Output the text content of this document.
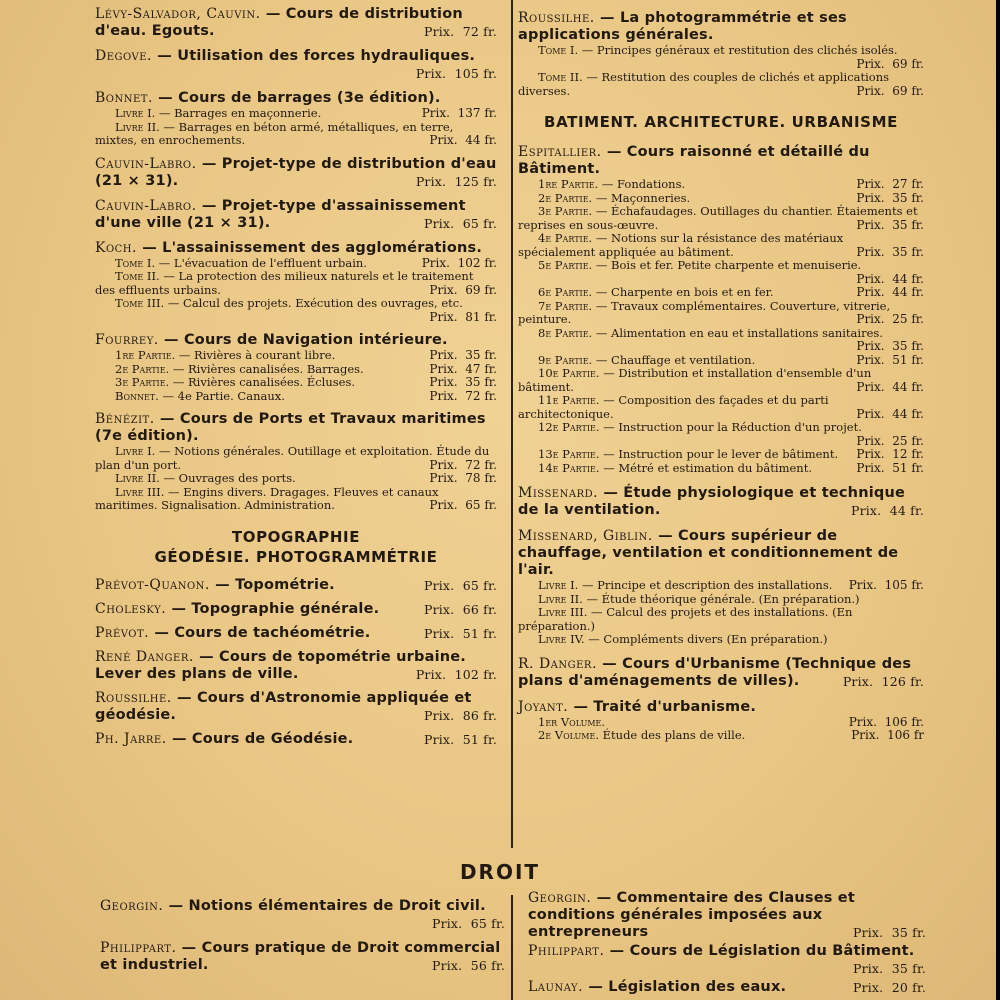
Lévy-Salvador, Cauvin. — Cours de distribution d'eau. Egouts.	Prix.  72 fr.
Degove. — Utilisation des forces hydrauliques.
Prix.  105 fr.
Bonnet. — Cours de barrages (3e édition).
Livre I. — Barrages en maçonnerie.	Prix.  137 fr.
Livre II. — Barrages en béton armé, métalliques, en terre, mixtes, en enrochements.	Prix.  44 fr.
Cauvin-Labro. — Projet-type de distribution d'eau (21 × 31).	Prix.  125 fr.
Cauvin-Labro. — Projet-type d'assainissement d'une ville (21 × 31).	Prix.  65 fr.
Koch. — L'assainissement des agglomérations.
Tome I. — L'évacuation de l'effluent urbain.	Prix.  102 fr.
Tome II. — La protection des milieux naturels et le traitement des effluents urbains.	Prix.  69 fr.
Tome III. — Calcul des projets. Exécution des ouvrages, etc.
Prix.  81 fr.
Fourrey. — Cours de Navigation intérieure.
1re Partie. — Rivières à courant libre.	Prix.  35 fr.
2e Partie. — Rivières canalisées. Barrages.	Prix.  47 fr.
3e Partie. — Rivières canalisées. Écluses.	Prix.  35 fr.
Bonnet. — 4e Partie. Canaux.	Prix.  72 fr.
Bénézit. — Cours de Ports et Travaux maritimes (7e édition).
Livre I. — Notions générales. Outillage et exploitation. Étude du plan d'un port.	Prix.  72 fr.
Livre II. — Ouvrages des ports.	Prix.  78 fr.
Livre III. — Engins divers. Dragages. Fleuves et canaux maritimes. Signalisation. Administration.	Prix.  65 fr.
TOPOGRAPHIE
GÉODÉSIE. PHOTOGRAMMÉTRIE
Prévot-Quanon. — Topométrie.	Prix.  65 fr.
Cholesky. — Topographie générale.	Prix.  66 fr.
Prévot. — Cours de tachéométrie.	Prix.  51 fr.
René Danger. — Cours de topométrie urbaine. Lever des plans de ville.	Prix.  102 fr.
Roussilhe. — Cours d'Astronomie appliquée et géodésie.	Prix.  86 fr.
Ph. Jarre. — Cours de Géodésie.	Prix.  51 fr.
Roussilhe. — La photogrammétrie et ses applications générales.
Tome I. — Principes généraux et restitution des clichés isolés.
Prix.  69 fr.
Tome II. — Restitution des couples de clichés et applications diverses.	Prix.  69 fr.
BATIMENT. ARCHITECTURE. URBANISME
Espitallier. — Cours raisonné et détaillé du Bâtiment.
1re Partie. — Fondations.	Prix.  27 fr.
2e Partie. — Maçonneries.	Prix.  35 fr.
3e Partie. — Échafaudages. Outillages du chantier. Étaiements et reprises en sous-œuvre.	Prix.  35 fr.
4e Partie. — Notions sur la résistance des matériaux spécialement appliquée au bâtiment.	Prix.  35 fr.
5e Partie. — Bois et fer. Petite charpente et menuiserie.
Prix.  44 fr.
6e Partie. — Charpente en bois et en fer.	Prix.  44 fr.
7e Partie. — Travaux complémentaires. Couverture, vitrerie, peinture.	Prix.  25 fr.
8e Partie. — Alimentation en eau et installations sanitaires.
Prix.  35 fr.
9e Partie. — Chauffage et ventilation.	Prix.  51 fr.
10e Partie. — Distribution et installation d'ensemble d'un bâtiment.	Prix.  44 fr.
11e Partie. — Composition des façades et du parti architectonique.	Prix.  44 fr.
12e Partie. — Instruction pour la Réduction d'un projet.
Prix.  25 fr.
13e Partie. — Instruction pour le lever de bâtiment. Prix.  12 fr.
14e Partie. — Métré et estimation du bâtiment.	Prix.  51 fr.
Missenard. — Étude physiologique et technique de la ventilation.	Prix.  44 fr.
Missenard, Giblin. — Cours supérieur de chauffage, ventilation et conditionnement de l'air.
Livre I. — Principe et description des installations. Prix.  105 fr.
Livre II. — Étude théorique générale. (En préparation.)
Livre III. — Calcul des projets et des installations. (En préparation.)
Livre IV. — Compléments divers (En préparation.)
R. Danger. — Cours d'Urbanisme (Technique des plans d'aménagements de villes).	Prix.  126 fr.
Joyant. — Traité d'urbanisme.
1er Volume.	Prix.  106 fr.
2e Volume. Étude des plans de ville.	Prix.  106 fr
DROIT
Georgin. — Notions élémentaires de Droit civil.
Prix.  65 fr.
Philippart. — Cours pratique de Droit commercial et industriel.	Prix.  56 fr.
Georgin. — Commentaire des Clauses et conditions générales imposées aux entrepreneurs	Prix.  35 fr.
Philippart. — Cours de Législation du Bâtiment.
Prix.  35 fr.
Launay. — Législation des eaux.	Prix.  20 fr.
